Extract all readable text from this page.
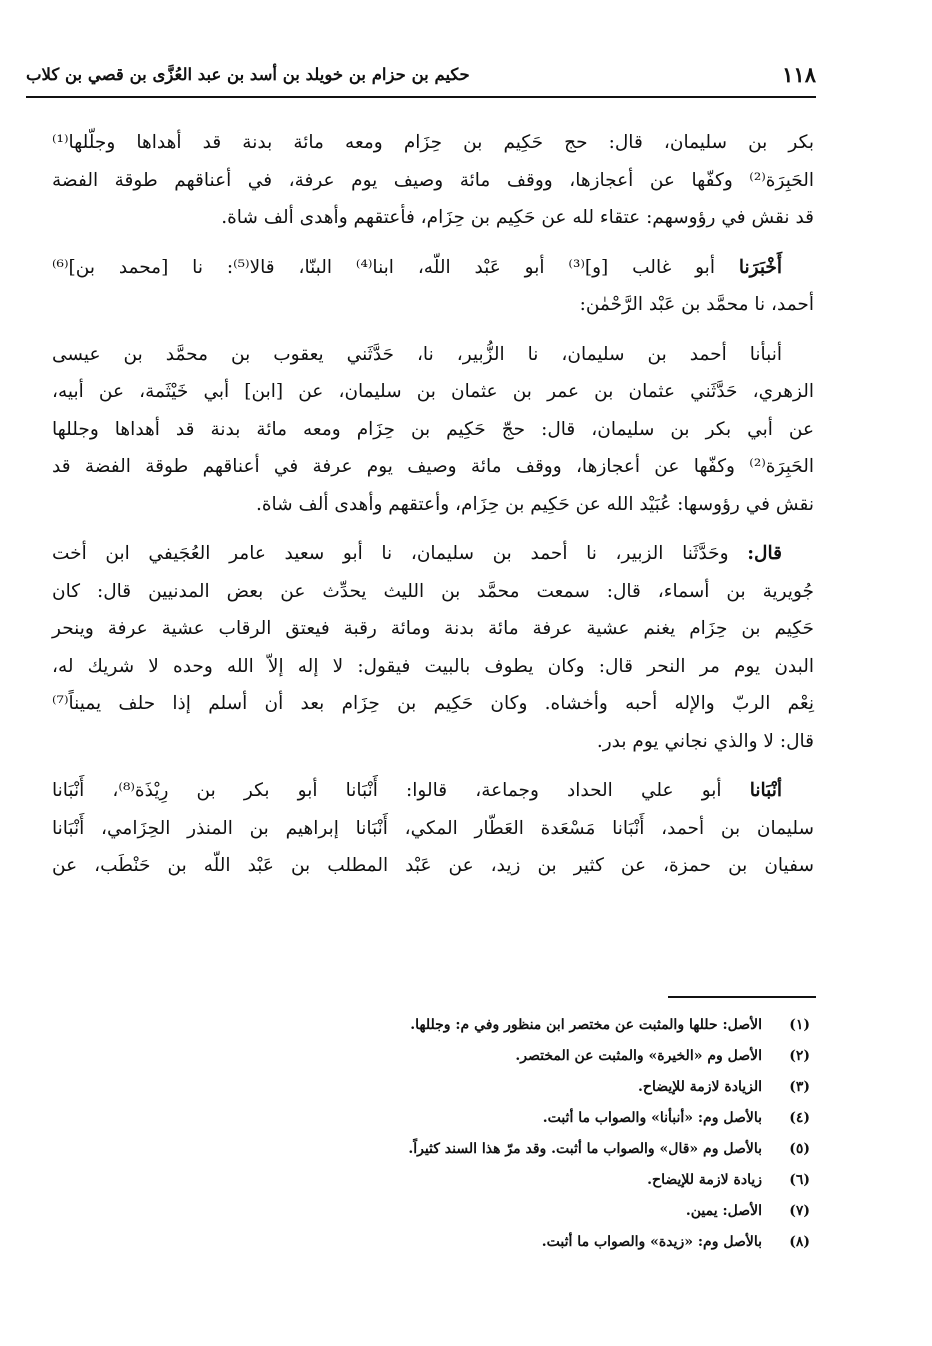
١١٨
حكيم بن حزام بن خويلد بن أسد بن عبد العُزَّى بن قصي بن كلاب
بكر بن سليمان، قال: حج حَكِيم بن حِزَام ومعه مائة بدنة قد أهداها وجلّلها⁽¹⁾
الحَبِرَة⁽²⁾ وكفّها عن أعجازها، ووقف مائة وصيف يوم عرفة، في أعناقهم طوقة الفضة
قد نقش في رؤوسهم: عتقاء لله عن حَكِيم بن حِزَام، فأعتقهم وأهدى ألف شاة.
أَخْبَرَنا أبو غالب [و]⁽³⁾ أبو عَبْد اللّه، ابنا⁽⁴⁾ البنّا، قالا⁽⁵⁾: نا [محمد بن]⁽⁶⁾
أحمد، نا محمَّد بن عَبْد الرَّحْمٰن:
أنبأنا أحمد بن سليمان، نا الزُّبير، نا، حَدَّثَني يعقوب بن محمَّد بن عيسى
الزهري، حَدَّثَني عثمان بن عمر بن عثمان بن سليمان، عن [ابن] أبي خَيْثَمة، عن أبيه،
عن أبي بكر بن سليمان، قال: حجّ حَكِيم بن حِزَام ومعه مائة بدنة قد أهداها وجللها
الحَبِرَة⁽²⁾ وكفّها عن أعجازها، ووقف مائة وصيف يوم عرفة في أعناقهم طوقة الفضة قد
نقش في رؤوسها: عُبَيْد الله عن حَكِيم بن حِزَام، وأعتقهم وأهدى ألف شاة.
قال: وحَدَّثَنا الزبير، نا أحمد بن سليمان، نا أبو سعيد عامر العُجَيفي ابن أخت
جُويرية بن أسماء، قال: سمعت محمَّد بن الليث يحدِّث عن بعض المدنيين قال: كان
حَكِيم بن حِزَام يغنم عشية عرفة مائة بدنة ومائة رقبة فيعتق الرقاب عشية عرفة وينحر
البدن يوم مر النحر قال: وكان يطوف بالبيت فيقول: لا إله إلاّ الله وحده لا شريك له،
نِعْم الربّ والإله أحبه وأخشاه. وكان حَكِيم بن حِزَام بعد أن أسلم إذا حلف يميناً⁽⁷⁾
قال: لا والذي نجاني يوم بدر.
أنْبَانا أبو علي الحداد وجماعة، قالوا: أَنْبَانا أبو بكر بن رِيْذَة⁽⁸⁾، أَنْبَانا
سليمان بن أحمد، أَنْبَانا مَسْعَدة العَطّار المكي، أَنْبَانا إبراهيم بن المنذر الحِزَامي، أَنْبَانا
سفيان بن حمزة، عن كثير بن زيد، عن عَبْد المطلب بن عَبْد اللّه بن حَنْطَب، عن
(١)الأصل: حللها والمثبت عن مختصر ابن منظور وفي م: وجللها.
(٢)الأصل وم «الخيرة» والمثبت عن المختصر.
(٣)الزيادة لازمة للإيضاح.
(٤)بالأصل وم: «أنبأنا» والصواب ما أثبت.
(٥)بالأصل وم «قال» والصواب ما أثبت. وقد مرّ هذا السند كثيراً.
(٦)زيادة لازمة للإيضاح.
(٧)الأصل: يمين.
(٨)بالأصل وم: «زيدة» والصواب ما أثبت.
